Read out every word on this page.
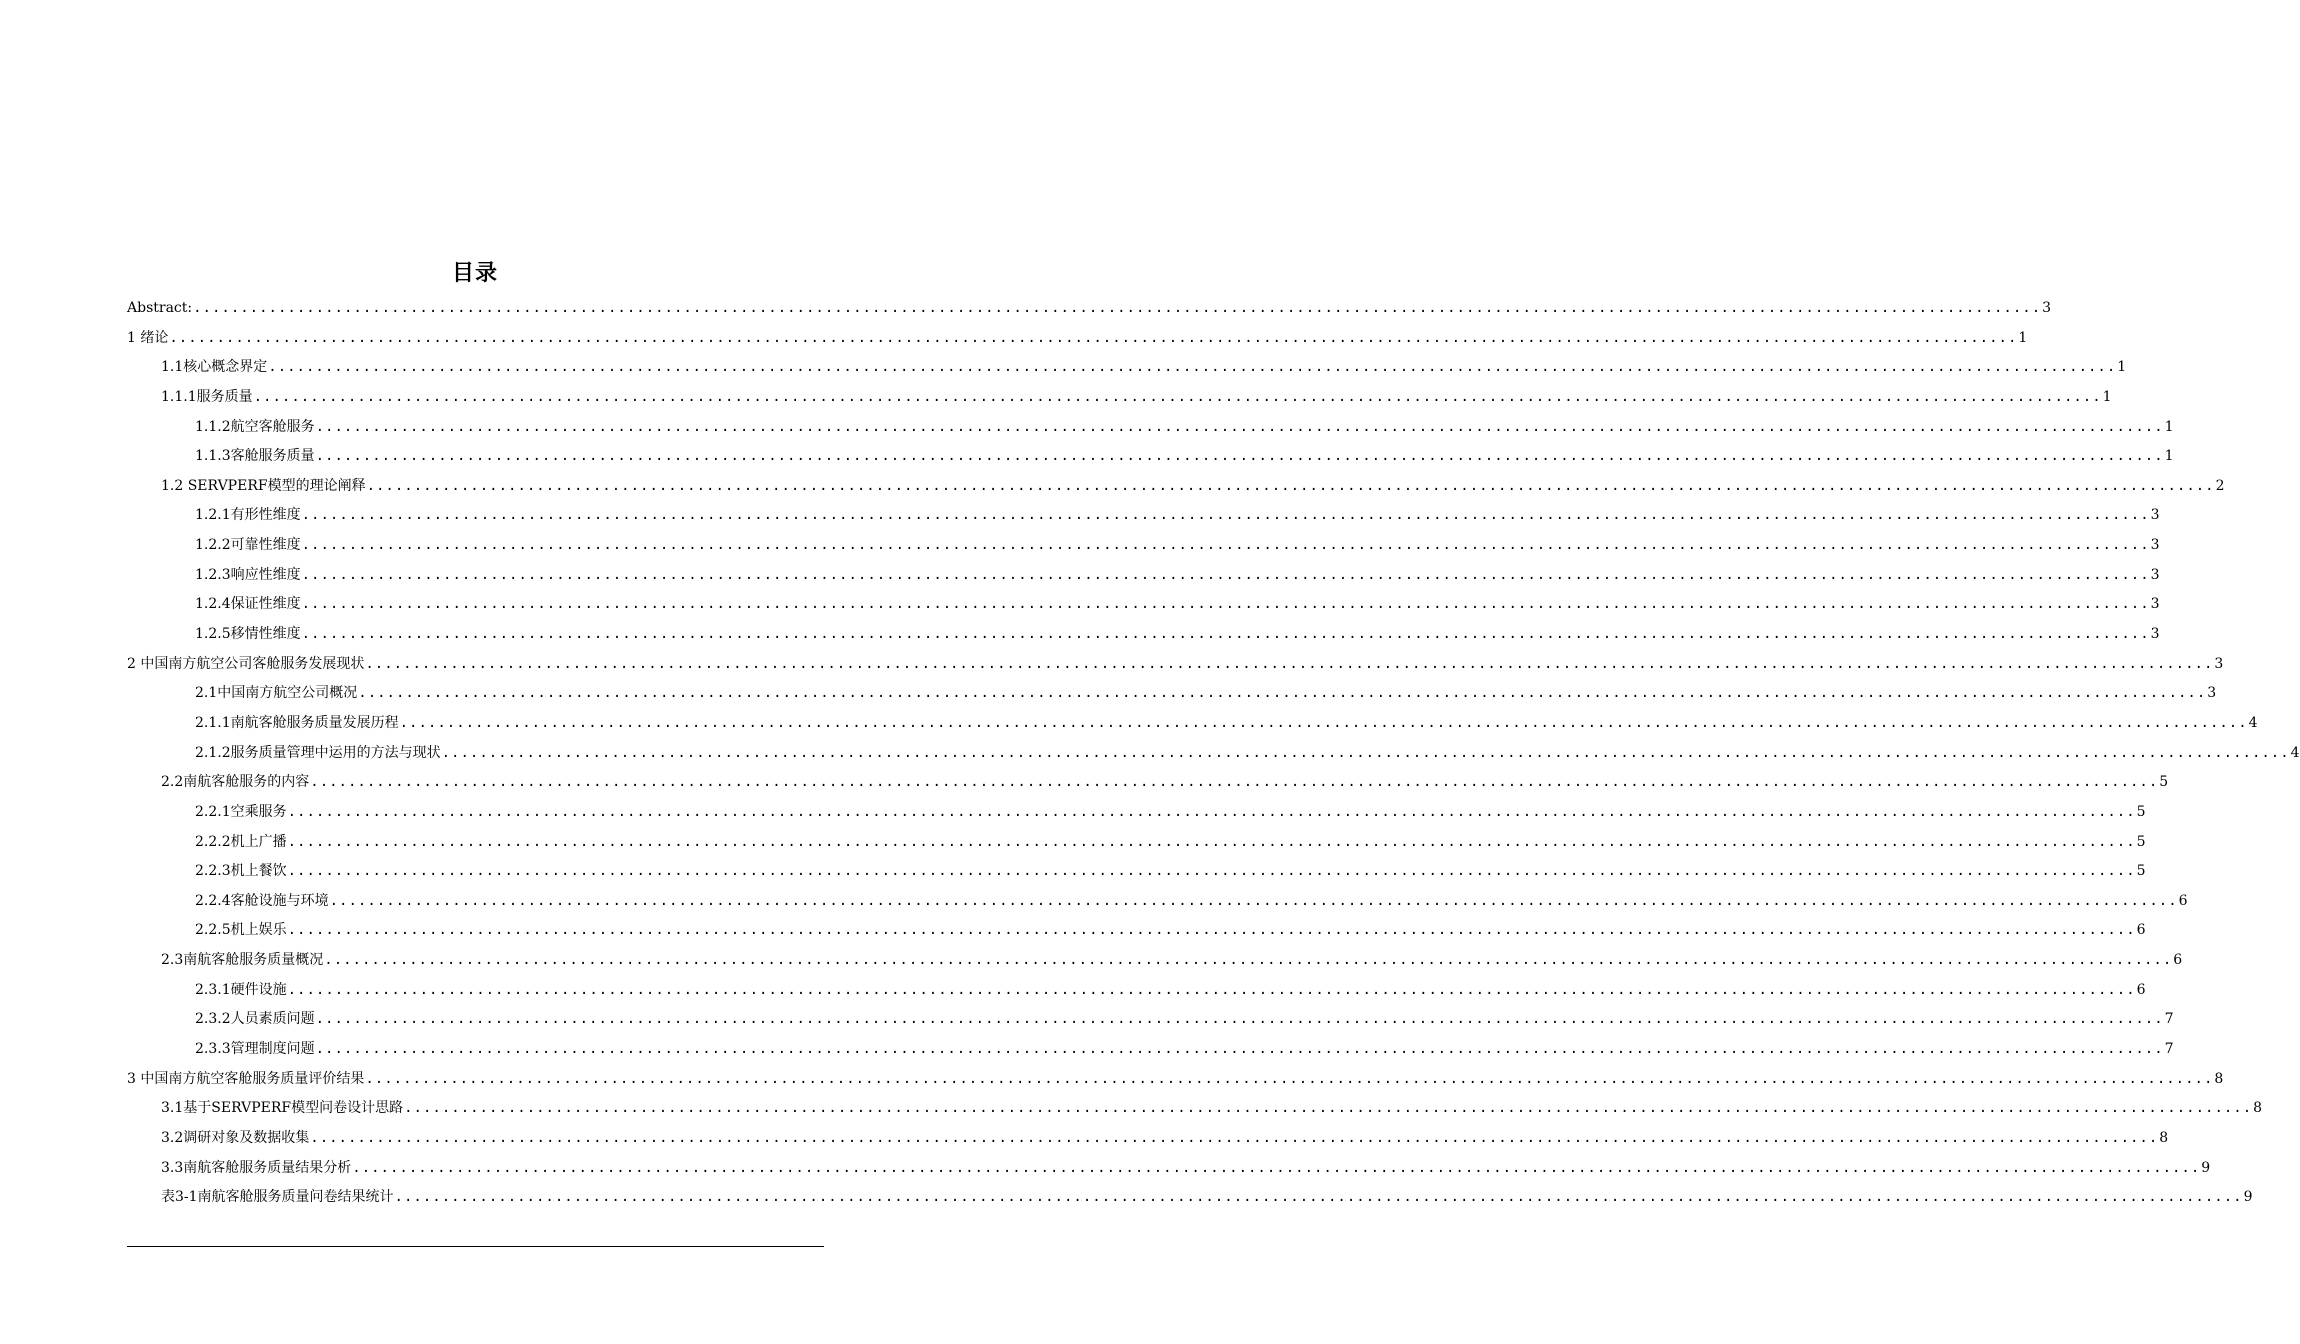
目录
Abstract: .................................................................................................................................................................................................... 3
1 绪论 .................................................................................................................................................................................................... 1
1.1核心概念界定 .................................................................................................................................................................................................... 1
1.1.1服务质量 .................................................................................................................................................................................................... 1
1.1.2航空客舱服务 .................................................................................................................................................................................................... 1
1.1.3客舱服务质量 .................................................................................................................................................................................................... 1
1.2 SERVPERF模型的理论阐释 .................................................................................................................................................................................................... 2
1.2.1有形性维度 .................................................................................................................................................................................................... 3
1.2.2可靠性维度 .................................................................................................................................................................................................... 3
1.2.3响应性维度 .................................................................................................................................................................................................... 3
1.2.4保证性维度 .................................................................................................................................................................................................... 3
1.2.5移情性维度 .................................................................................................................................................................................................... 3
2 中国南方航空公司客舱服务发展现状 .................................................................................................................................................................................................... 3
2.1中国南方航空公司概况 .................................................................................................................................................................................................... 3
2.1.1南航客舱服务质量发展历程 .................................................................................................................................................................................................... 4
2.1.2服务质量管理中运用的方法与现状 .................................................................................................................................................................................................... 4
2.2南航客舱服务的内容 .................................................................................................................................................................................................... 5
2.2.1空乘服务 .................................................................................................................................................................................................... 5
2.2.2机上广播 .................................................................................................................................................................................................... 5
2.2.3机上餐饮 .................................................................................................................................................................................................... 5
2.2.4客舱设施与环境 .................................................................................................................................................................................................... 6
2.2.5机上娱乐 .................................................................................................................................................................................................... 6
2.3南航客舱服务质量概况 .................................................................................................................................................................................................... 6
2.3.1硬件设施 .................................................................................................................................................................................................... 6
2.3.2人员素质问题 .................................................................................................................................................................................................... 7
2.3.3管理制度问题 .................................................................................................................................................................................................... 7
3 中国南方航空客舱服务质量评价结果 .................................................................................................................................................................................................... 8
3.1基于SERVPERF模型问卷设计思路 .................................................................................................................................................................................................... 8
3.2调研对象及数据收集 .................................................................................................................................................................................................... 8
3.3南航客舱服务质量结果分析 .................................................................................................................................................................................................... 9
表3-1南航客舱服务质量问卷结果统计 .................................................................................................................................................................................................... 9
